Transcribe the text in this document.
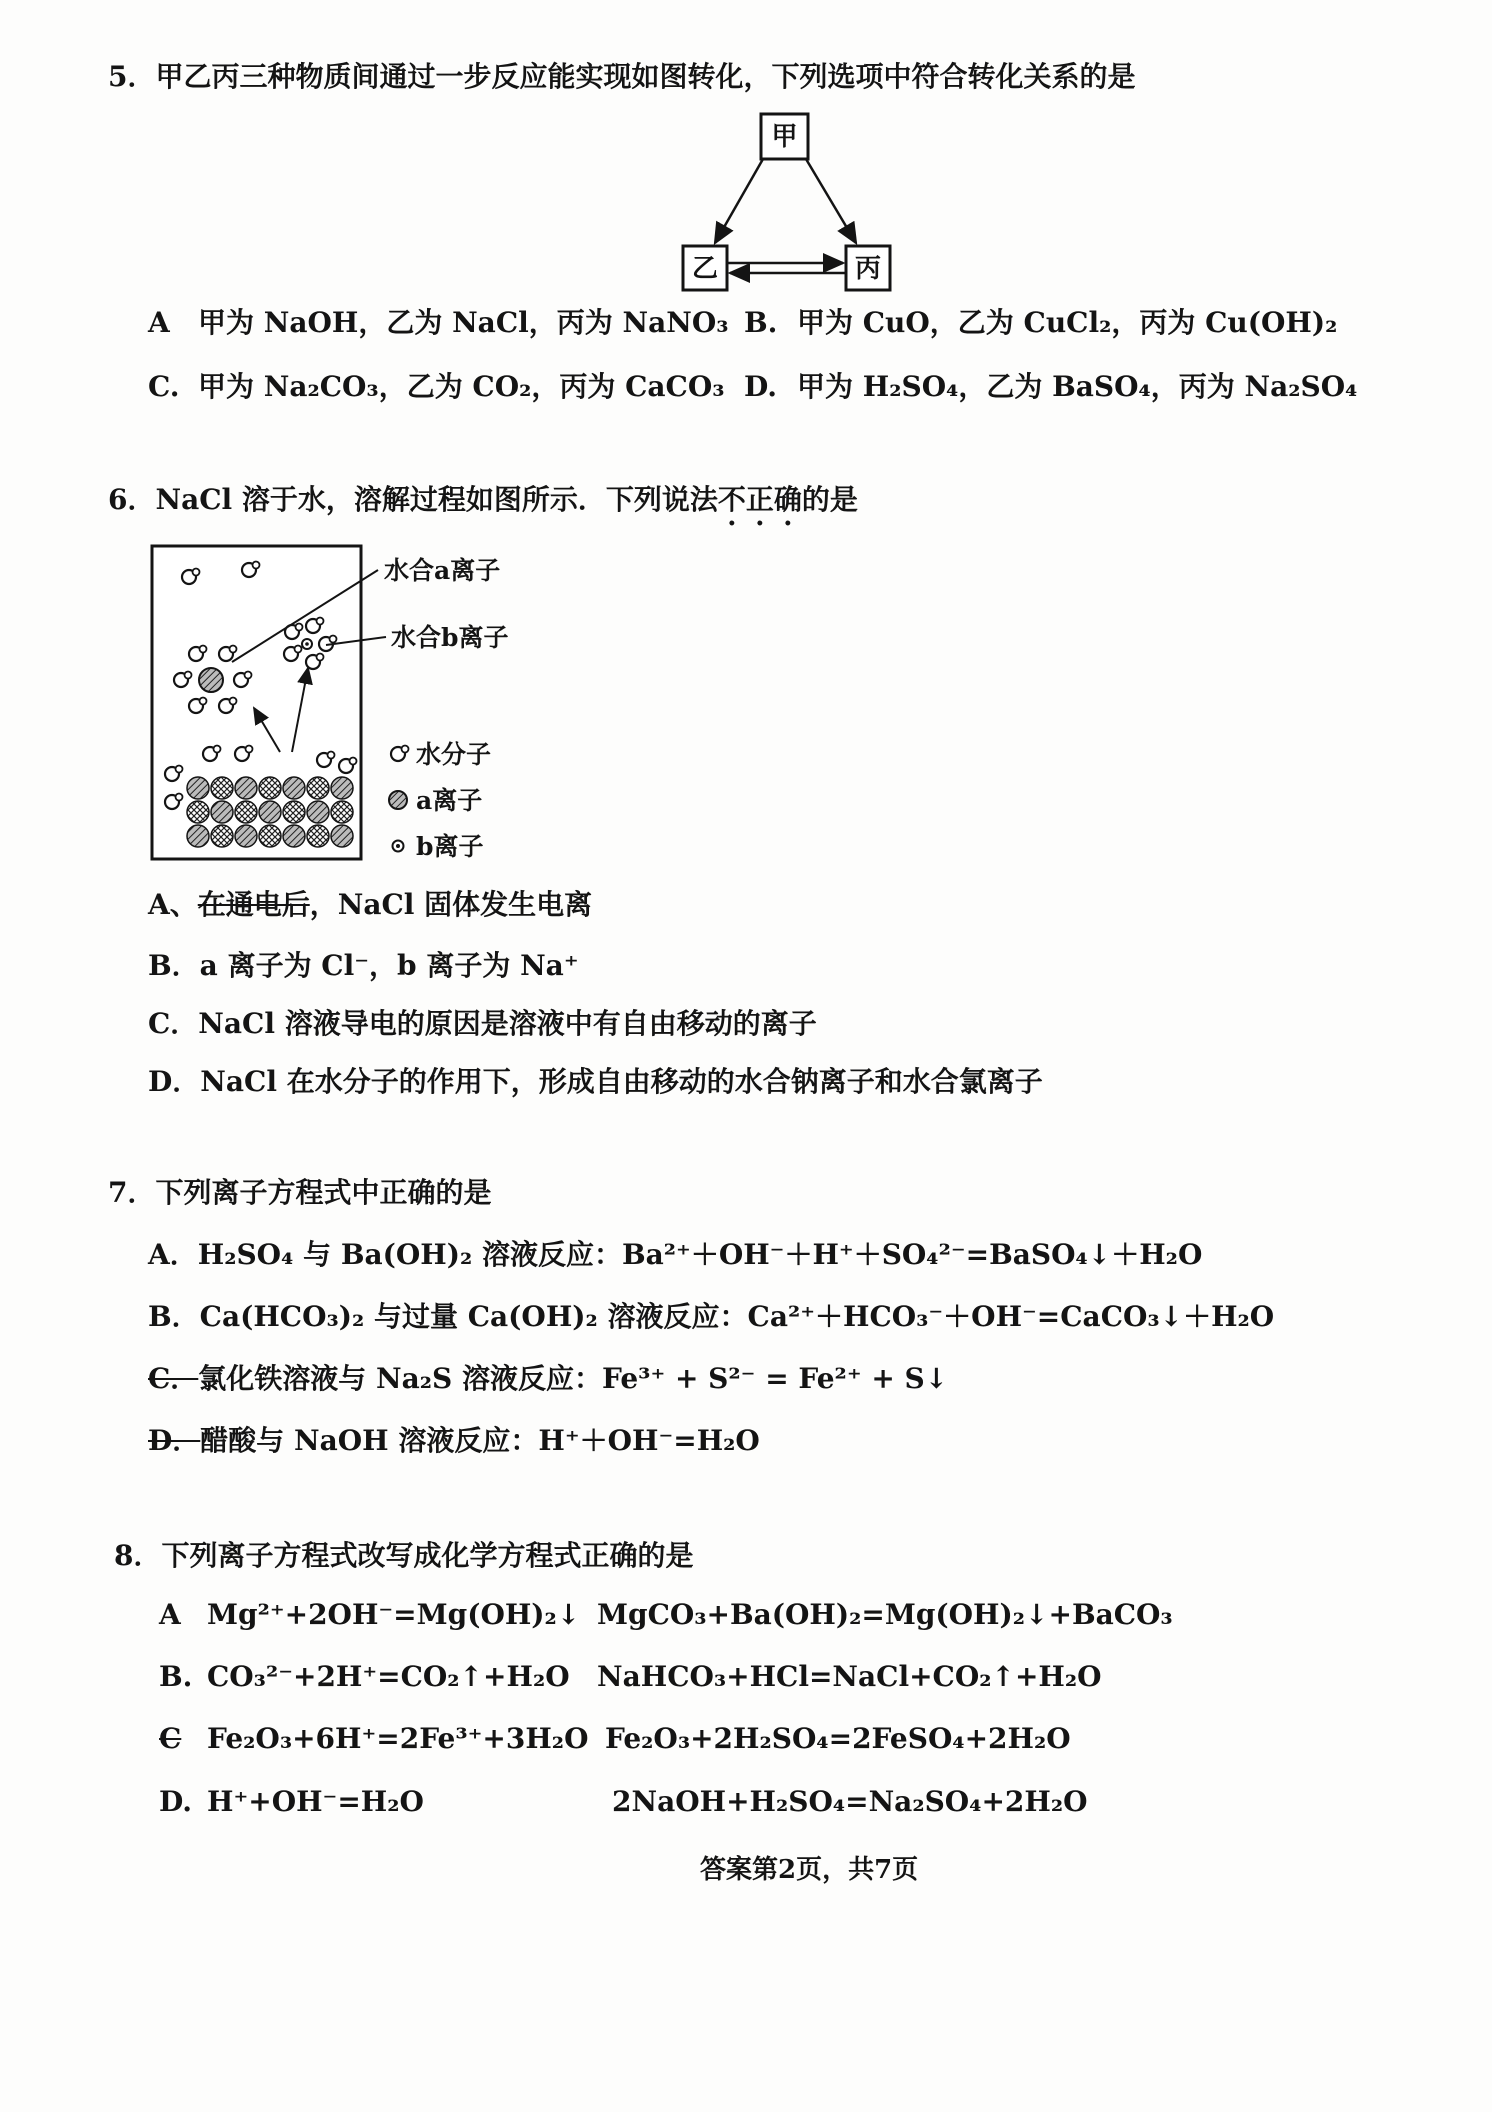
5．甲乙丙三种物质间通过一步反应能实现如图转化，下列选项中符合转化关系的是
甲
乙	丙
A 甲为 NaOH，乙为 NaCl，丙为 NaNO₃ B. 甲为 CuO，乙为 CuCl₂，丙为 Cu(OH)₂
C. 甲为 Na₂CO₃，乙为 CO₂，丙为 CaCO₃ D. 甲为 H₂SO₄，乙为 BaSO₄，丙为 Na₂SO₄
6．NaCl 溶于水，溶解过程如图所示．下列说法不正确的是
水合a离子
水合b离子
水分子
a离子
b离子
A、在通电后，NaCl 固体发生电离
B．a 离子为 Cl⁻，b 离子为 Na⁺
C．NaCl 溶液导电的原因是溶液中有自由移动的离子
D．NaCl 在水分子的作用下，形成自由移动的水合钠离子和水合氯离子
7．下列离子方程式中正确的是
A．H₂SO₄ 与 Ba(OH)₂ 溶液反应：Ba²⁺＋OH⁻＋H⁺＋SO₄²⁻=BaSO₄↓＋H₂O
B．Ca(HCO₃)₂ 与过量 Ca(OH)₂ 溶液反应：Ca²⁺＋HCO₃⁻＋OH⁻=CaCO₃↓＋H₂O
C．氯化铁溶液与 Na₂S 溶液反应：Fe³⁺ + S²⁻ = Fe²⁺ + S↓
D．醋酸与 NaOH 溶液反应：H⁺＋OH⁻=H₂O
8．下列离子方程式改写成化学方程式正确的是
A Mg²⁺+2OH⁻=Mg(OH)₂↓ MgCO₃+Ba(OH)₂=Mg(OH)₂↓+BaCO₃
B. CO₃²⁻+2H⁺=CO₂↑+H₂O NaHCO₃+HCl=NaCl+CO₂↑+H₂O
C Fe₂O₃+6H⁺=2Fe³⁺+3H₂O Fe₂O₃+2H₂SO₄=2FeSO₄+2H₂O
D. H⁺+OH⁻=H₂O	2NaOH+H₂SO₄=Na₂SO₄+2H₂O
答案第2页，共7页
